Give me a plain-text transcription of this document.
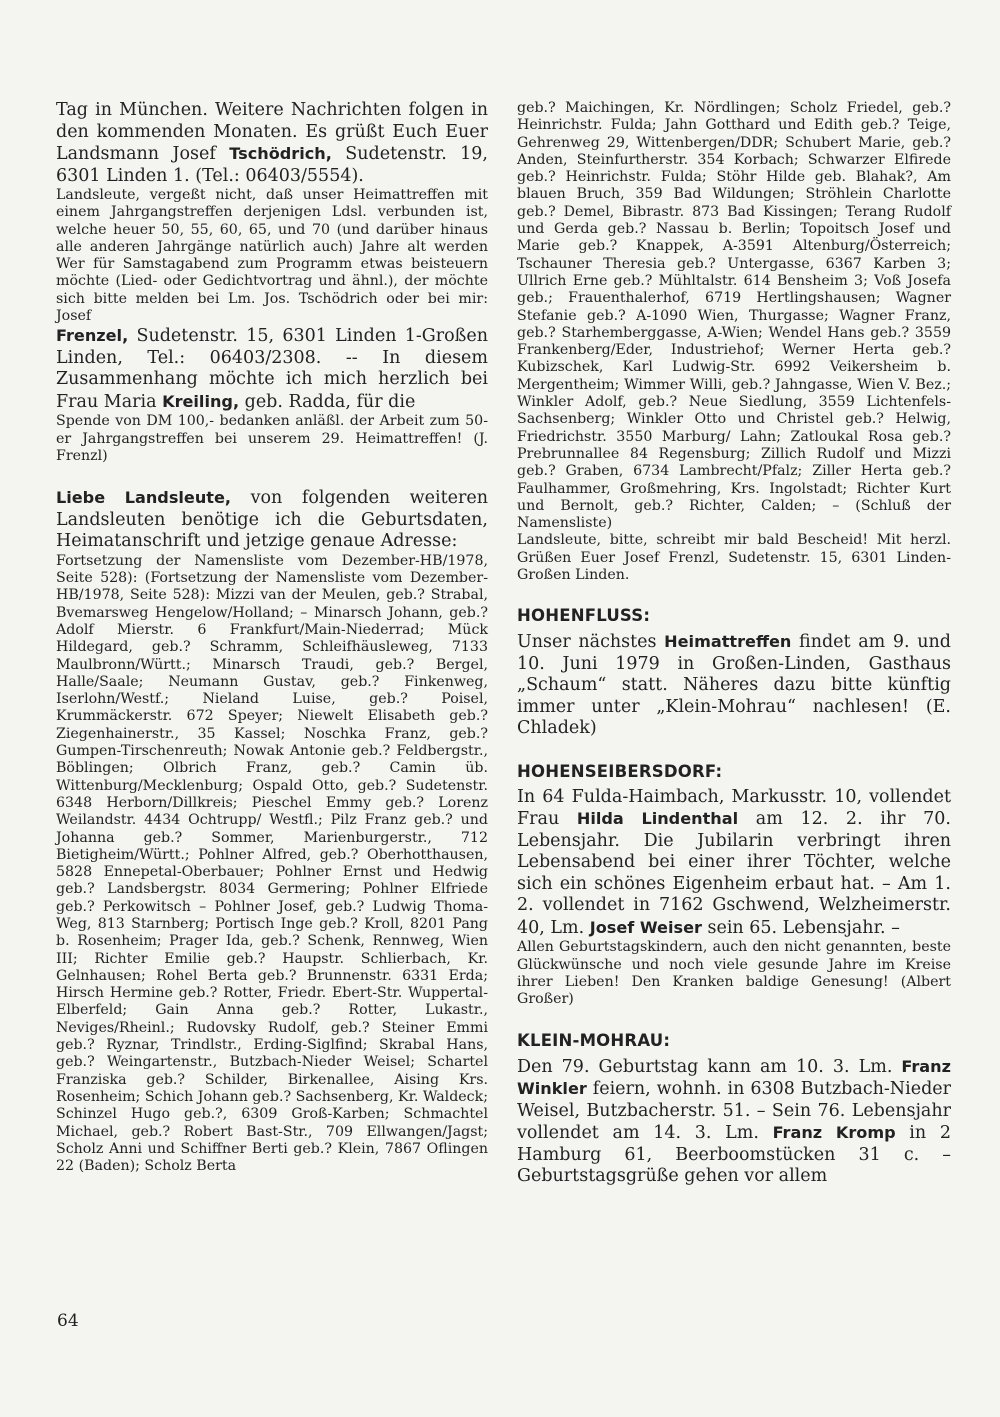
Tag in München. Weitere Nachrichten folgen in den kommenden Monaten. Es grüßt Euch Euer Landsmann Josef Tschödrich, Sudetenstr. 19, 6301 Linden 1. (Tel.: 06403/5554).

Landsleute, vergeßt nicht, daß unser Heimattreffen mit einem Jahrgangstreffen derjenigen Ldsl. verbunden ist, welche heuer 50, 55, 60, 65, und 70 (und darüber hinaus alle anderen Jahrgänge natürlich auch) Jahre alt werden Wer für Samstagabend zum Programm etwas beisteuern möchte (Lied- oder Gedichtvortrag und ähnl.), der möchte sich bitte melden bei Lm. Jos. Tschödrich oder bei mir: Josef

Frenzel, Sudetenstr. 15, 6301 Linden 1-Großen Linden, Tel.: 06403/2308. -- In diesem Zusammenhang möchte ich mich herzlich bei Frau Maria Kreiling, geb. Radda, für die

Spende von DM 100,- bedanken anläßl. der Arbeit zum 50-er Jahrgangstreffen bei unserem 29. Heimattreffen! (J. Frenzl)

Liebe Landsleute, von folgenden weiteren Landsleuten benötige ich die Geburtsdaten, Heimatanschrift und jetzige genaue Adresse:

Fortsetzung der Namensliste vom Dezember-HB/1978, Seite 528): (Fortsetzung der Namensliste vom Dezember-HB/1978, Seite 528): Mizzi van der Meulen, geb.? Strabal, Bvemarsweg Hengelow/Holland; – Minarsch Johann, geb.? Adolf Mierstr. 6 Frankfurt/Main-Niederrad; Mück Hildegard, geb.? Schramm, Schleifhäusleweg, 7133 Maulbronn/Württ.; Minarsch Traudi, geb.? Bergel, Halle/Saale; Neumann Gustav, geb.? Finkenweg, Iserlohn/Westf.; Nieland Luise, geb.? Poisel, Krummäckerstr. 672 Speyer; Niewelt Elisabeth geb.? Ziegenhainerstr., 35 Kassel; Noschka Franz, geb.? Gumpen-Tirschenreuth; Nowak Antonie geb.? Feldbergstr., Böblingen; Olbrich Franz, geb.? Camin üb. Wittenburg/Mecklenburg; Ospald Otto, geb.? Sudetenstr. 6348 Herborn/Dillkreis; Pieschel Emmy geb.? Lorenz Weilandstr. 4434 Ochtrupp/ Westfl.; Pilz Franz geb.? und Johanna geb.? Sommer, Marienburgerstr., 712 Bietigheim/Württ.; Pohlner Alfred, geb.? Oberhotthausen, 5828 Ennepetal-Oberbauer; Pohlner Ernst und Hedwig geb.? Landsbergstr. 8034 Germering; Pohlner Elfriede geb.? Perkowitsch – Pohlner Josef, geb.? Ludwig Thoma-Weg, 813 Starnberg; Portisch Inge geb.? Kroll, 8201 Pang b. Rosenheim; Prager Ida, geb.? Schenk, Rennweg, Wien III; Richter Emilie geb.? Haupstr. Schlierbach, Kr. Gelnhausen; Rohel Berta geb.? Brunnenstr. 6331 Erda; Hirsch Hermine geb.? Rotter, Friedr. Ebert-Str. Wuppertal-Elberfeld; Gain Anna geb.? Rotter, Lukastr., Neviges/Rheinl.; Rudovsky Rudolf, geb.? Steiner Emmi geb.? Ryznar, Trindlstr., Erding-Siglfind; Skrabal Hans, geb.? Weingartenstr., Butzbach-Nieder Weisel; Schartel Franziska geb.? Schilder, Birkenallee, Aising Krs. Rosenheim; Schich Johann geb.? Sachsenberg, Kr. Waldeck; Schinzel Hugo geb.?, 6309 Groß-Karben; Schmachtel Michael, geb.? Robert Bast-Str., 709 Ellwangen/Jagst; Scholz Anni und Schiffner Berti geb.? Klein, 7867 Oflingen 22 (Baden); Scholz Berta

geb.? Maichingen, Kr. Nördlingen; Scholz Friedel, geb.? Heinrichstr. Fulda; Jahn Gotthard und Edith geb.? Teige, Gehrenweg 29, Wittenbergen/DDR; Schubert Marie, geb.? Anden, Steinfurtherstr. 354 Korbach; Schwarzer Elfirede geb.? Heinrichstr. Fulda; Stöhr Hilde geb. Blahak?, Am blauen Bruch, 359 Bad Wildungen; Ströhlein Charlotte geb.? Demel, Bibrastr. 873 Bad Kissingen; Terang Rudolf und Gerda geb.? Nassau b. Berlin; Topoitsch Josef und Marie geb.? Knappek, A-3591 Altenburg/Österreich; Tschauner Theresia geb.? Untergasse, 6367 Karben 3; Ullrich Erne geb.? Mühltalstr. 614 Bensheim 3; Voß Josefa geb.; Frauenthalerhof, 6719 Hertlingshausen; Wagner Stefanie geb.? A-1090 Wien, Thurgasse; Wagner Franz, geb.? Starhemberggasse, A-Wien; Wendel Hans geb.? 3559 Frankenberg/Eder, Industriehof; Werner Herta geb.? Kubizschek, Karl Ludwig-Str. 6992 Veikersheim b. Mergentheim; Wimmer Willi, geb.? Jahngasse, Wien V. Bez.; Winkler Adolf, geb.? Neue Siedlung, 3559 Lichtenfels-Sachsenberg; Winkler Otto und Christel geb.? Helwig, Friedrichstr. 3550 Marburg/ Lahn; Zatloukal Rosa geb.? Prebrunnallee 84 Regensburg; Zillich Rudolf und Mizzi geb.? Graben, 6734 Lambrecht/Pfalz; Ziller Herta geb.? Faulhammer, Großmehring, Krs. Ingolstadt; Richter Kurt und Bernolt, geb.? Richter, Calden; – (Schluß der Namensliste)

Landsleute, bitte, schreibt mir bald Bescheid! Mit herzl. Grüßen Euer Josef Frenzl, Sudetenstr. 15, 6301 Linden-Großen Linden.

HOHENFLUSS:

Unser nächstes Heimattreffen findet am 9. und 10. Juni 1979 in Großen-Linden, Gasthaus „Schaum“ statt. Näheres dazu bitte künftig immer unter „Klein-Mohrau“ nachlesen! (E. Chladek)

HOHENSEIBERSDORF:

In 64 Fulda-Haimbach, Markusstr. 10, vollendet Frau Hilda Lindenthal am 12. 2. ihr 70. Lebensjahr. Die Jubilarin verbringt ihren Lebensabend bei einer ihrer Töchter, welche sich ein schönes Eigenheim erbaut hat. – Am 1. 2. vollendet in 7162 Gschwend, Welzheimerstr. 40, Lm. Josef Weiser sein 65. Lebensjahr. –

Allen Geburtstagskindern, auch den nicht genannten, beste Glückwünsche und noch viele gesunde Jahre im Kreise ihrer Lieben! Den Kranken baldige Genesung! (Albert Großer)

KLEIN-MOHRAU:

Den 79. Geburtstag kann am 10. 3. Lm. Franz Winkler feiern, wohnh. in 6308 Butzbach-Nieder Weisel, Butzbacherstr. 51. – Sein 76. Lebensjahr vollendet am 14. 3. Lm. Franz Kromp in 2 Hamburg 61, Beerboomstücken 31 c. – Geburtstagsgrüße gehen vor allem

64
